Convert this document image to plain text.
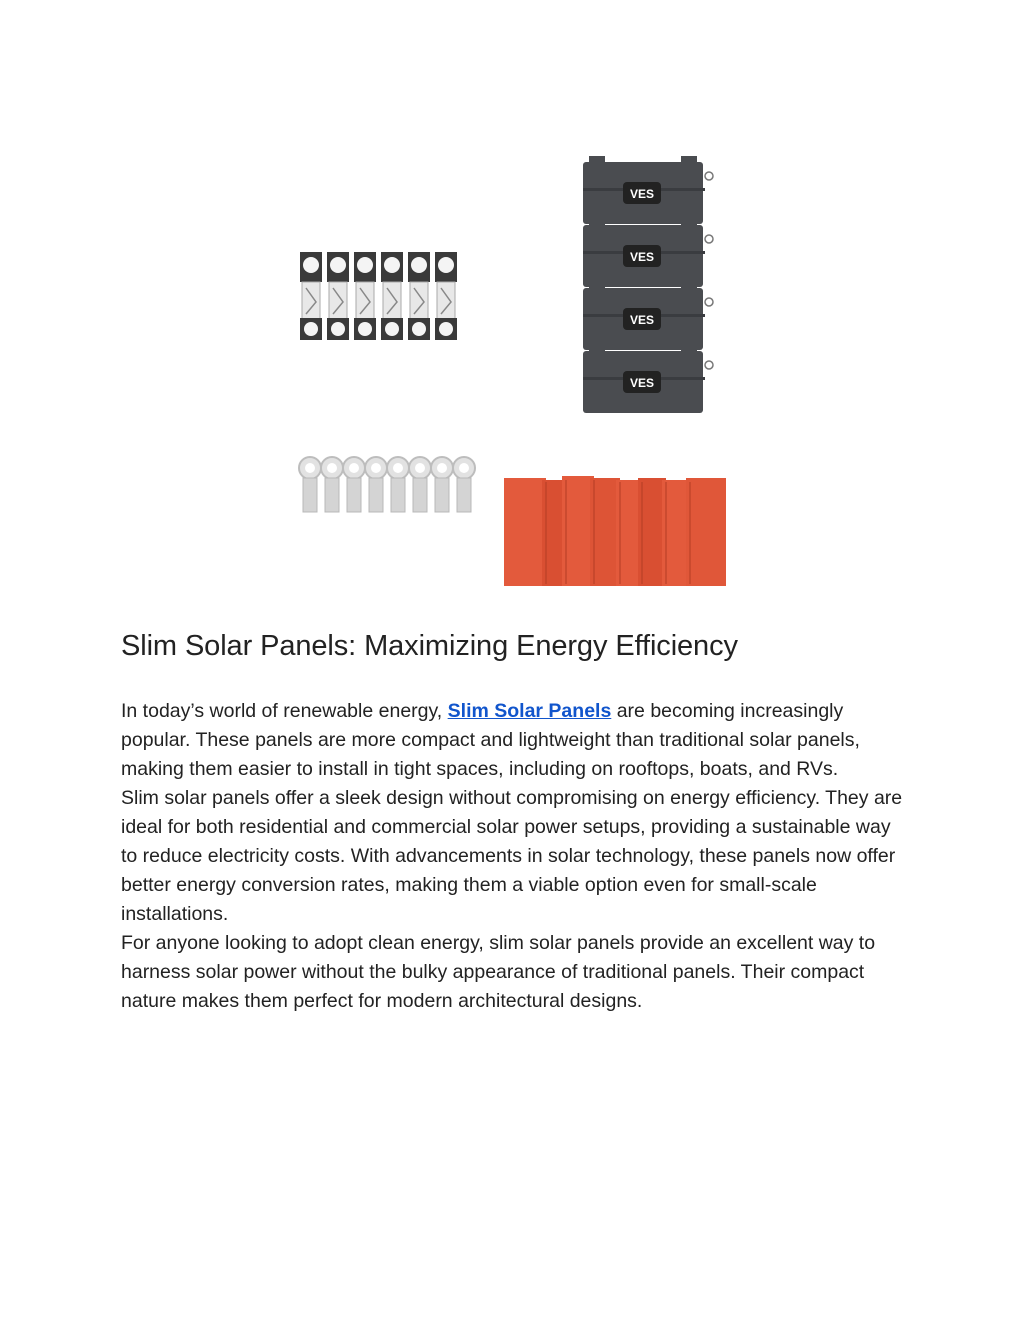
VES
Slim Solar Panels: Maximizing Energy Efficiency

In today’s world of renewable energy, Slim Solar Panels are becoming increasingly popular. These panels are more compact and lightweight than traditional solar panels, making them easier to install in tight spaces, including on rooftops, boats, and RVs.

Slim solar panels offer a sleek design without compromising on energy efficiency. They are ideal for both residential and commercial solar power setups, providing a sustainable way to reduce electricity costs. With advancements in solar technology, these panels now offer better energy conversion rates, making them a viable option even for small-scale installations.

For anyone looking to adopt clean energy, slim solar panels provide an excellent way to harness solar power without the bulky appearance of traditional panels. Their compact nature makes them perfect for modern architectural designs.
